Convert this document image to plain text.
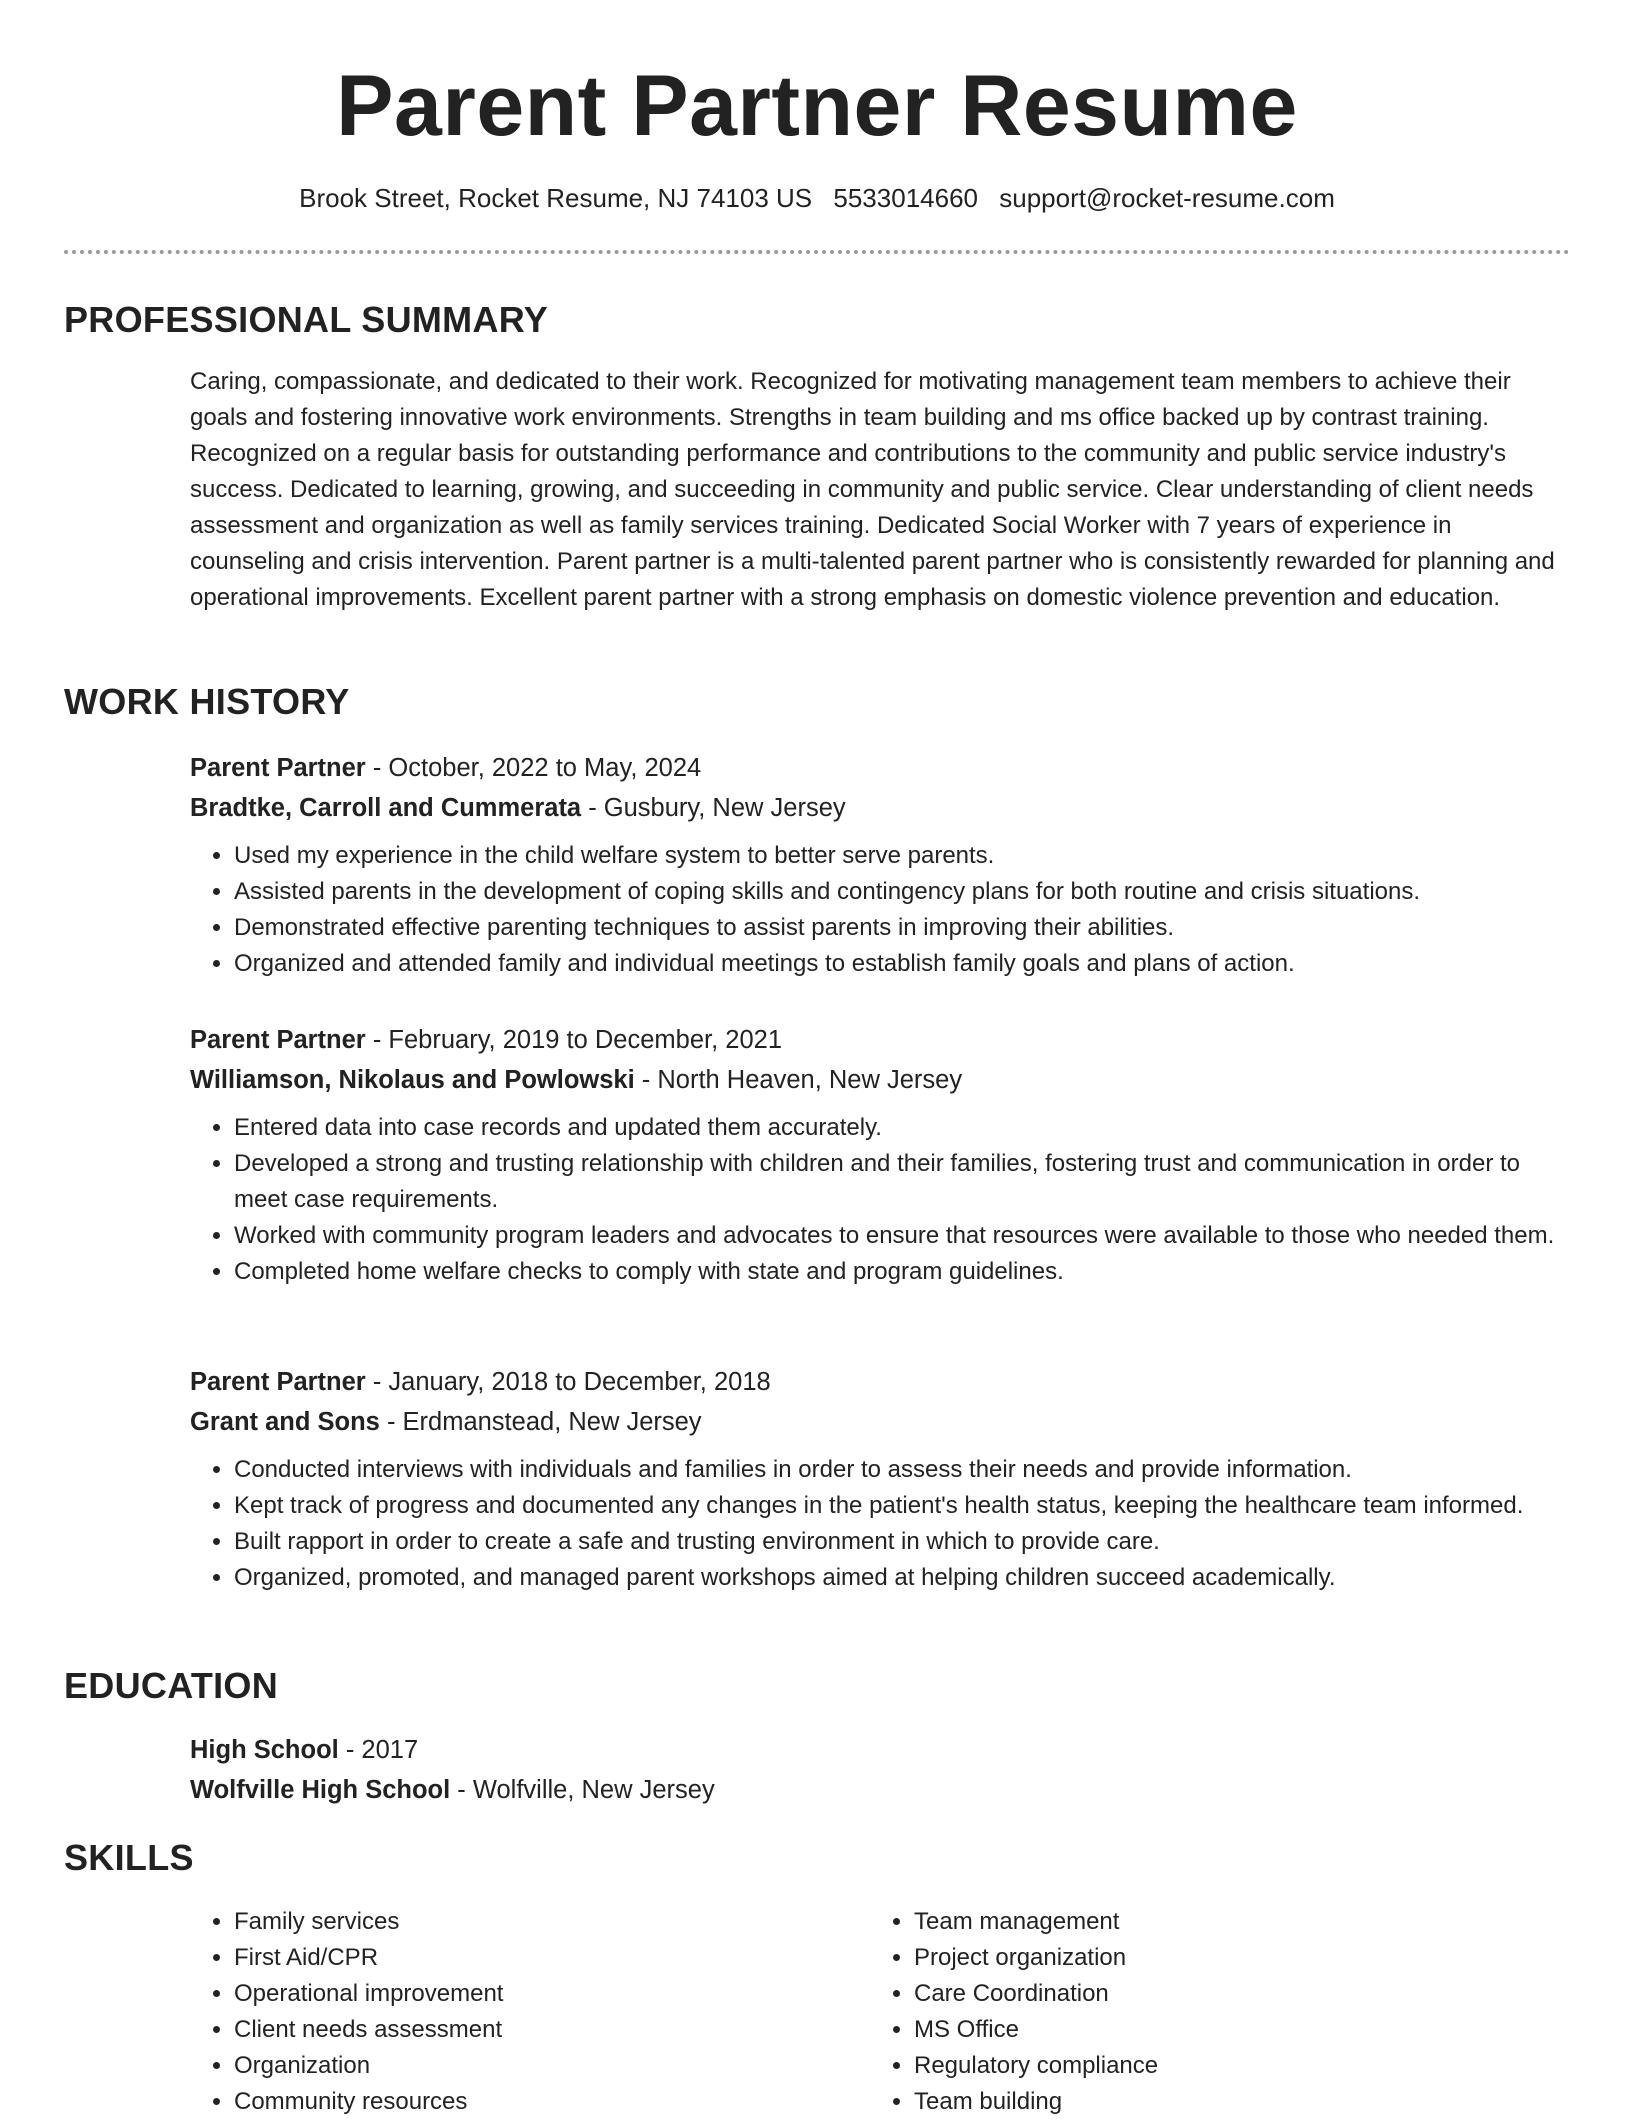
Parent Partner Resume
Brook Street, Rocket Resume, NJ 74103 US 5533014660 support@rocket-resume.com
PROFESSIONAL SUMMARY

Caring, compassionate, and dedicated to their work. Recognized for motivating management team members to achieve their goals and fostering innovative work environments. Strengths in team building and ms office backed up by contrast training. Recognized on a regular basis for outstanding performance and contributions to the community and public service industry's success. Dedicated to learning, growing, and succeeding in community and public service. Clear understanding of client needs assessment and organization as well as family services training. Dedicated Social Worker with 7 years of experience in counseling and crisis intervention. Parent partner is a multi-talented parent partner who is consistently rewarded for planning and operational improvements. Excellent parent partner with a strong emphasis on domestic violence prevention and education.

WORK HISTORY

Parent Partner - October, 2022 to May, 2024

Bradtke, Carroll and Cummerata - Gusbury, New Jersey

• Used my experience in the child welfare system to better serve parents.
• Assisted parents in the development of coping skills and contingency plans for both routine and crisis situations.
• Demonstrated effective parenting techniques to assist parents in improving their abilities.
• Organized and attended family and individual meetings to establish family goals and plans of action.

Parent Partner - February, 2019 to December, 2021

Williamson, Nikolaus and Powlowski - North Heaven, New Jersey

• Entered data into case records and updated them accurately.
• Developed a strong and trusting relationship with children and their families, fostering trust and communication in order to meet case requirements.
• Worked with community program leaders and advocates to ensure that resources were available to those who needed them.
• Completed home welfare checks to comply with state and program guidelines.

Parent Partner - January, 2018 to December, 2018

Grant and Sons - Erdmanstead, New Jersey

• Conducted interviews with individuals and families in order to assess their needs and provide information.
• Kept track of progress and documented any changes in the patient's health status, keeping the healthcare team informed.
• Built rapport in order to create a safe and trusting environment in which to provide care.
• Organized, promoted, and managed parent workshops aimed at helping children succeed academically.
EDUCATION

High School - 2017

Wolfville High School - Wolfville, New Jersey

SKILLS
• Family services
• First Aid/CPR
• Operational improvement
• Client needs assessment
• Organization
• Community resources
• Team management
• Project organization
• Care Coordination
• MS Office
• Regulatory compliance
• Team building
